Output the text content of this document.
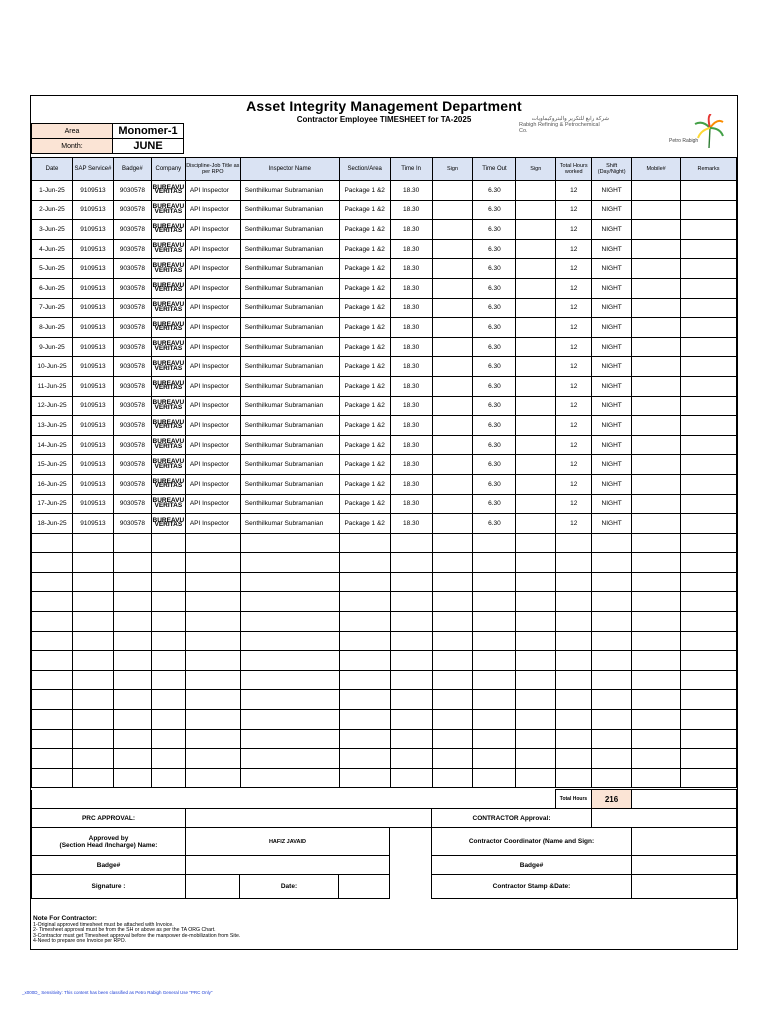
Asset Integrity Management Department
Contractor Employee TIMESHEET for TA-2025	شركة رابغ للتكرير والبتروكيماويات
Rabigh Refining & Petrochemical Co.
Petro Rabigh
Area	Monomer-1
Month:	JUNE
Date	SAP Service#	Badge#	Company	Discipline-Job Title as per RPO	Inspector Name	Section/Area	Time In	Sign	Time Out	Sign	Total Hours worked	Shift (Day/Night)	Mobile#	Remarks
1-Jun-25	9109513	9030578	BUREAVU VERITAS	API Inspector	Senthilkumar Subramanian	Package 1 &2	18.30		6.30		12	NIGHT		
2-Jun-25	9109513	9030578	BUREAVU VERITAS	API Inspector	Senthilkumar Subramanian	Package 1 &2	18.30		6.30		12	NIGHT		
3-Jun-25	9109513	9030578	BUREAVU VERITAS	API Inspector	Senthilkumar Subramanian	Package 1 &2	18.30		6.30		12	NIGHT		
4-Jun-25	9109513	9030578	BUREAVU VERITAS	API Inspector	Senthilkumar Subramanian	Package 1 &2	18.30		6.30		12	NIGHT		
5-Jun-25	9109513	9030578	BUREAVU VERITAS	API Inspector	Senthilkumar Subramanian	Package 1 &2	18.30		6.30		12	NIGHT		
6-Jun-25	9109513	9030578	BUREAVU VERITAS	API Inspector	Senthilkumar Subramanian	Package 1 &2	18.30		6.30		12	NIGHT		
7-Jun-25	9109513	9030578	BUREAVU VERITAS	API Inspector	Senthilkumar Subramanian	Package 1 &2	18.30		6.30		12	NIGHT		
8-Jun-25	9109513	9030578	BUREAVU VERITAS	API Inspector	Senthilkumar Subramanian	Package 1 &2	18.30		6.30		12	NIGHT		
9-Jun-25	9109513	9030578	BUREAVU VERITAS	API Inspector	Senthilkumar Subramanian	Package 1 &2	18.30		6.30		12	NIGHT		
10-Jun-25	9109513	9030578	BUREAVU VERITAS	API Inspector	Senthilkumar Subramanian	Package 1 &2	18.30		6.30		12	NIGHT		
11-Jun-25	9109513	9030578	BUREAVU VERITAS	API Inspector	Senthilkumar Subramanian	Package 1 &2	18.30		6.30		12	NIGHT		
12-Jun-25	9109513	9030578	BUREAVU VERITAS	API Inspector	Senthilkumar Subramanian	Package 1 &2	18.30		6.30		12	NIGHT		
13-Jun-25	9109513	9030578	BUREAVU VERITAS	API Inspector	Senthilkumar Subramanian	Package 1 &2	18.30		6.30		12	NIGHT		
14-Jun-25	9109513	9030578	BUREAVU VERITAS	API Inspector	Senthilkumar Subramanian	Package 1 &2	18.30		6.30		12	NIGHT		
15-Jun-25	9109513	9030578	BUREAVU VERITAS	API Inspector	Senthilkumar Subramanian	Package 1 &2	18.30		6.30		12	NIGHT		
16-Jun-25	9109513	9030578	BUREAVU VERITAS	API Inspector	Senthilkumar Subramanian	Package 1 &2	18.30		6.30		12	NIGHT		
17-Jun-25	9109513	9030578	BUREAVU VERITAS	API Inspector	Senthilkumar Subramanian	Package 1 &2	18.30		6.30		12	NIGHT		
18-Jun-25	9109513	9030578	BUREAVU VERITAS	API Inspector	Senthilkumar Subramanian	Package 1 &2	18.30		6.30		12	NIGHT		

						Total Hours	216	
PRC APPROVAL:					CONTRACTOR Approval:			

Approved by
(Section Head /Incharge) Name:	HAFIZ JAVAID				Contractor Coordinator (Name and Sign:			
Badge#					Badge#			
Signature :		Date:			Contractor Stamp &Date:			

Note For Contractor:
1-Original approved timesheet must be attached with Invoice.
2- Timesheet approval must be from the SH or above as per the TA ORG Chart.
3-Contractor must get Timesheet approval before the manpower de-mobilization from Site.
4-Need to prepare one Invoice per RPO.
_x000D_ Sensitivity: This content has been classified as Petro Rabigh General Use "PRC Only"
